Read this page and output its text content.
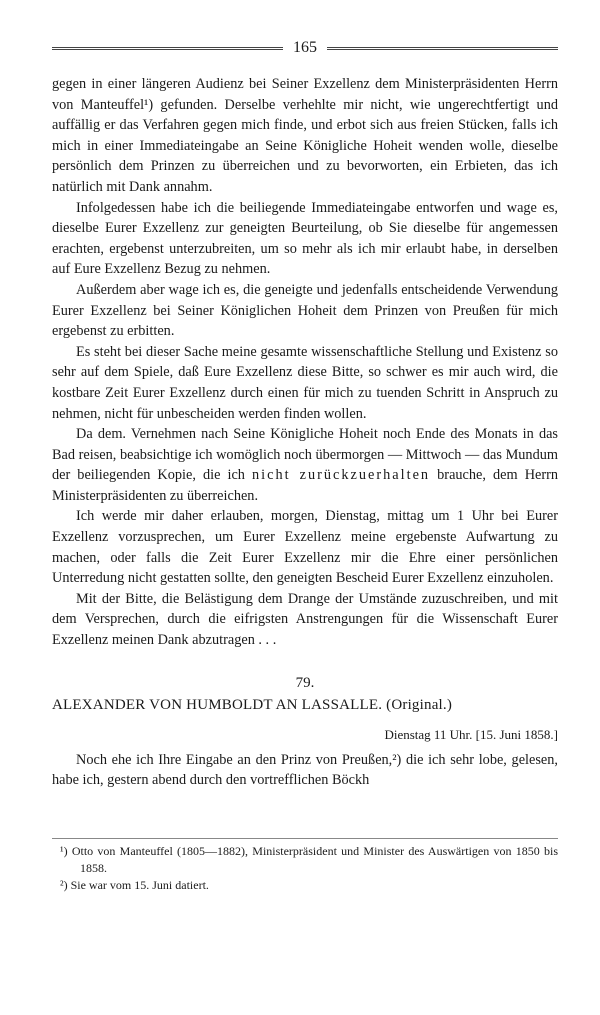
165

gegen in einer längeren Audienz bei Seiner Exzellenz dem Ministerpräsidenten Herrn von Manteuffel¹) gefunden. Derselbe verhehlte mir nicht, wie ungerechtfertigt und auffällig er das Verfahren gegen mich finde, und erbot sich aus freien Stücken, falls ich mich in einer Immediateingabe an Seine Königliche Hoheit wenden wolle, dieselbe persönlich dem Prinzen zu überreichen und zu bevorworten, ein Erbieten, das ich natürlich mit Dank annahm.

Infolgedessen habe ich die beiliegende Immediateingabe entworfen und wage es, dieselbe Eurer Exzellenz zur geneigten Beurteilung, ob Sie dieselbe für angemessen erachten, ergebenst unterzubreiten, um so mehr als ich mir erlaubt habe, in derselben auf Eure Exzellenz Bezug zu nehmen.

Außerdem aber wage ich es, die geneigte und jedenfalls entscheidende Verwendung Eurer Exzellenz bei Seiner Königlichen Hoheit dem Prinzen von Preußen für mich ergebenst zu erbitten.

Es steht bei dieser Sache meine gesamte wissenschaftliche Stellung und Existenz so sehr auf dem Spiele, daß Eure Exzellenz diese Bitte, so schwer es mir auch wird, die kostbare Zeit Eurer Exzellenz durch einen für mich zu tuenden Schritt in Anspruch zu nehmen, nicht für unbescheiden werden finden wollen.

Da dem. Vernehmen nach Seine Königliche Hoheit noch Ende des Monats in das Bad reisen, beabsichtige ich womöglich noch übermorgen — Mittwoch — das Mundum der beiliegenden Kopie, die ich nicht zurückzuerhalten brauche, dem Herrn Ministerpräsidenten zu überreichen.

Ich werde mir daher erlauben, morgen, Dienstag, mittag um 1 Uhr bei Eurer Exzellenz vorzusprechen, um Eurer Exzellenz meine ergebenste Aufwartung zu machen, oder falls die Zeit Eurer Exzellenz mir die Ehre einer persönlichen Unterredung nicht gestatten sollte, den geneigten Bescheid Eurer Exzellenz einzuholen.

Mit der Bitte, die Belästigung dem Drange der Umstände zuzuschreiben, und mit dem Versprechen, durch die eifrigsten Anstrengungen für die Wissenschaft Eurer Exzellenz meinen Dank abzutragen . . .

79.

ALEXANDER VON HUMBOLDT AN LASSALLE. (Original.)

Dienstag 11 Uhr. [15. Juni 1858.]

Noch ehe ich Ihre Eingabe an den Prinz von Preußen,²) die ich sehr lobe, gelesen, habe ich, gestern abend durch den vortrefflichen Böckh

¹) Otto von Manteuffel (1805—1882), Ministerpräsident und Minister des Auswärtigen von 1850 bis 1858.

²) Sie war vom 15. Juni datiert.
